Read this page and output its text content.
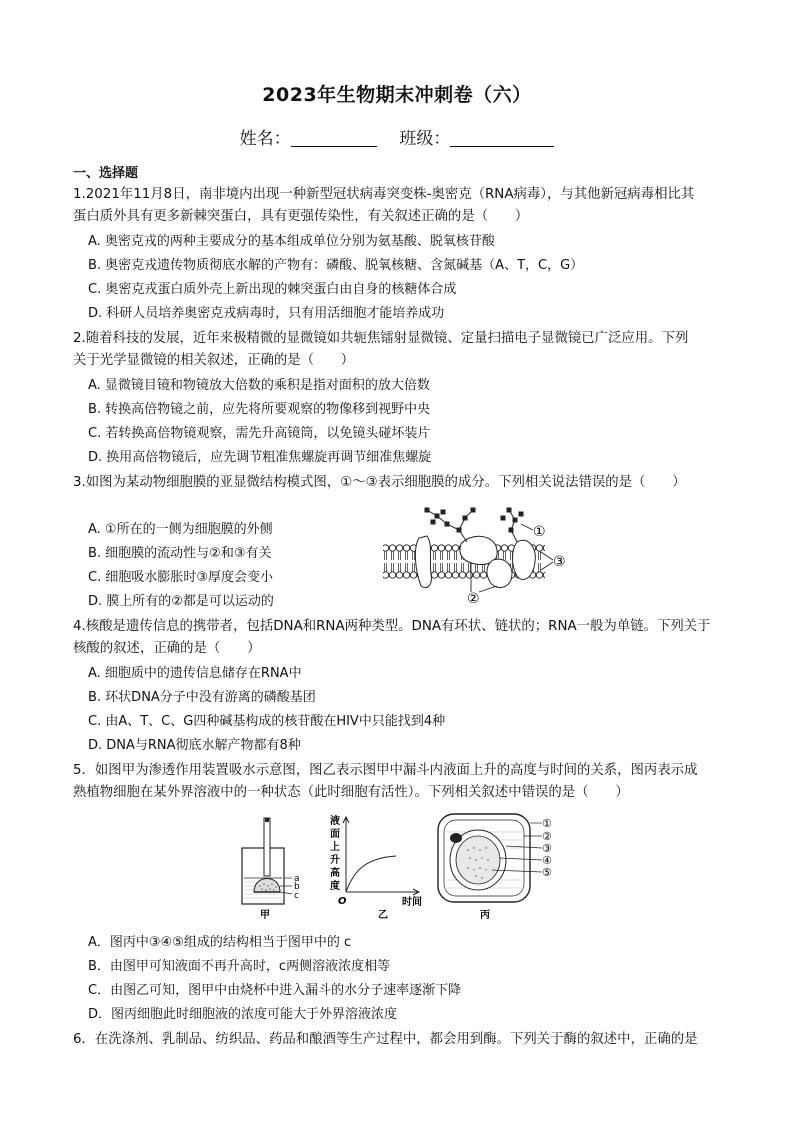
2023年生物期末冲刺卷（六）
姓名：	班级：
一、选择题
1.2021年11月8日，南非境内出现一种新型冠状病毒突变株-奥密克（RNA病毒），与其他新冠病毒相比其
蛋白质外具有更多新棘突蛋白，具有更强传染性，有关叙述正确的是（　　）
A. 奥密克戎的两种主要成分的基本组成单位分别为氨基酸、脱氧核苷酸
B. 奥密克戎遗传物质彻底水解的产物有：磷酸、脱氧核糖、含氮碱基（A、T，C，G）
C. 奥密克戎蛋白质外壳上新出现的棘突蛋白由自身的核糖体合成
D. 科研人员培养奥密克戎病毒时，只有用活细胞才能培养成功
2.随着科技的发展，近年来极精微的显微镜如共轭焦镭射显微镜、定量扫描电子显微镜已广泛应用。下列
关于光学显微镜的相关叙述，正确的是（　　）
A. 显微镜目镜和物镜放大倍数的乘积是指对面积的放大倍数
B. 转换高倍物镜之前，应先将所要观察的物像移到视野中央
C. 若转换高倍物镜观察，需先升高镜筒，以免镜头碰坏装片
D. 换用高倍物镜后，应先调节粗准焦螺旋再调节细准焦螺旋
3.如图为某动物细胞膜的亚显微结构模式图，①～③表示细胞膜的成分。下列相关说法错误的是（　　）
A. ①所在的一侧为细胞膜的外侧
B. 细胞膜的流动性与②和③有关
C. 细胞吸水膨胀时③厚度会变小
D. 膜上所有的②都是可以运动的
①
③
②
4.核酸是遗传信息的携带者，包括DNA和RNA两种类型。DNA有环状、链状的；RNA一般为单链。下列关于
核酸的叙述，正确的是（　　）
A. 细胞质中的遗传信息储存在RNA中
B. 环状DNA分子中没有游离的磷酸基团
C. 由A、T、C、G四种碱基构成的核苷酸在HIV中只能找到4种
D. DNA与RNA彻底水解产物都有8种
5．如图甲为渗透作用装置吸水示意图，图乙表示图甲中漏斗内液面上升的高度与时间的关系，图丙表示成
熟植物细胞在某外界溶液中的一种状态（此时细胞有活性）。下列相关叙述中错误的是（　　）
a
b
c
甲
液
面
上
升
高
度
O	时间
乙
①
②
③
④
⑤
丙
A．图丙中③④⑤组成的结构相当于图甲中的 c
B．由图甲可知液面不再升高时，c两侧溶液浓度相等
C．由图乙可知，图甲中由烧杯中进入漏斗的水分子速率逐渐下降
D．图丙细胞此时细胞液的浓度可能大于外界溶液浓度
6．在洗涤剂、乳制品、纺织品、药品和酿酒等生产过程中，都会用到酶。下列关于酶的叙述中，正确的是
